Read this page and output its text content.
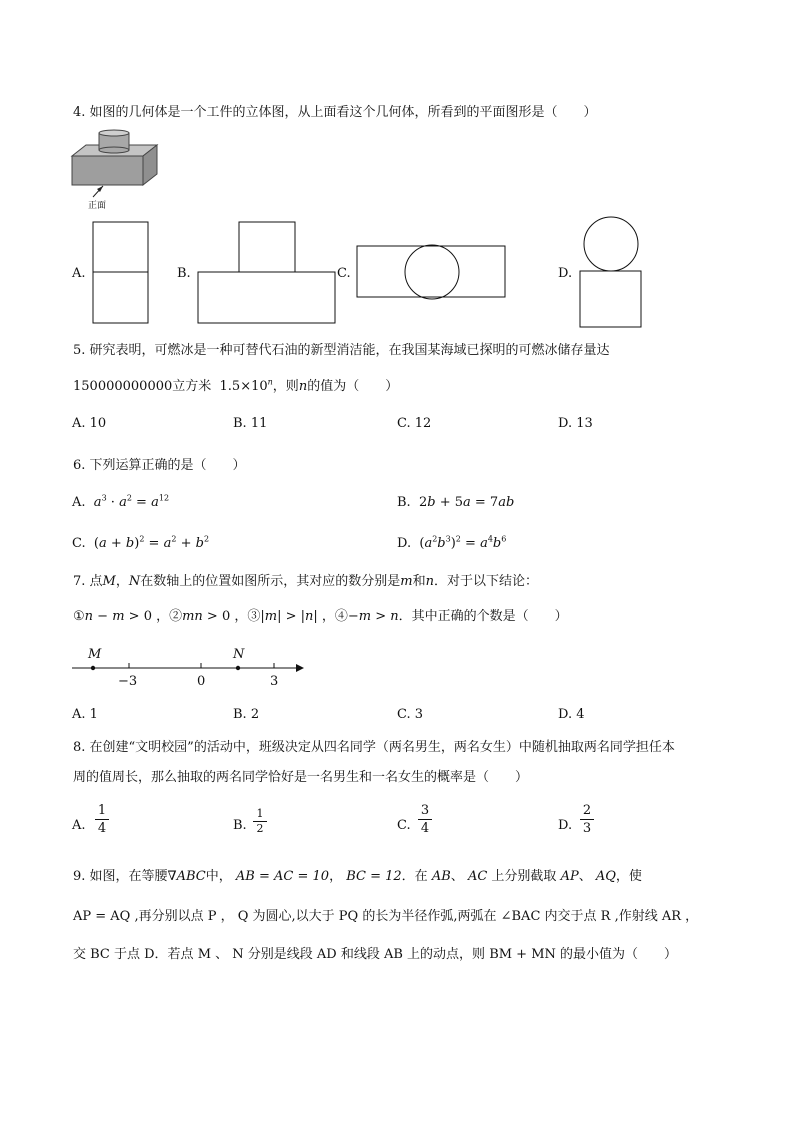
4. 如图的几何体是一个工件的立体图，从上面看这个几何体，所看到的平面图形是（　　）
正面
A.	B.	C.	D.
5. 研究表明，可燃冰是一种可替代石油的新型消洁能，在我国某海域已探明的可燃冰储存量达
150000000000立方米 $1.5\times 10^n$，则n的值为（　　）
A. 10	B. 11	C. 12	D. 13
6. 下列运算正确的是（　　）
A. $a^3 \cdot a^2 = a^{12}$	B.  2b + 5a = 7ab
C.  $(a + b)^2 = a^2 + b^2$	D.  $(a^2b^3)^2 = a^4b^6$
7. 点M，N在数轴上的位置如图所示，其对应的数分别是m和n．对于以下结论：
①n − m > 0 ，②mn > 0 ，③|m| > |n| ，④−m > n．其中正确的个数是（　　）
M	N
−3	0	3
A. 1	B. 2	C. 3	D. 4
8. 在创建“文明校园”的活动中，班级决定从四名同学（两名男生，两名女生）中随机抽取两名同学担任本
周的值周长，那么抽取的两名同学恰好是一名男生和一名女生的概率是（　　）
A.
1
4	B.
1
2	C.
3
4	D.
2
3
9. 如图，在等腰∇ABC中， AB = AC = 10， BC = 12．在 AB、 AC 上分别截取 AP、 AQ，使
AP = AQ ,再分别以点 P ， Q 为圆心,以大于 PQ 的长为半径作弧,两弧在 ∠BAC 内交于点 R ,作射线 AR ，
交 BC 于点 D．若点 M 、 N 分别是线段 AD 和线段 AB 上的动点，则 BM + MN 的最小值为（　　）
